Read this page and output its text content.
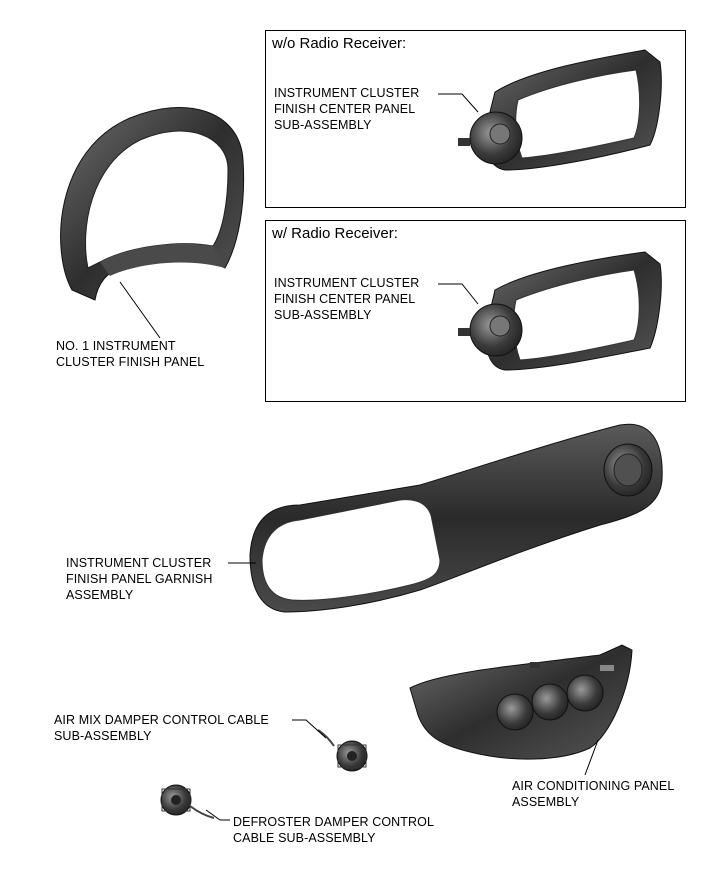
w/o Radio Receiver:
INSTRUMENT CLUSTER
FINISH CENTER PANEL
SUB-ASSEMBLY
w/ Radio Receiver:
INSTRUMENT CLUSTER
FINISH CENTER PANEL
SUB-ASSEMBLY
NO. 1 INSTRUMENT
CLUSTER FINISH PANEL
INSTRUMENT CLUSTER
FINISH PANEL GARNISH
ASSEMBLY
AIR MIX DAMPER CONTROL CABLE
SUB-ASSEMBLY
AIR CONDITIONING PANEL
ASSEMBLY
DEFROSTER DAMPER CONTROL
CABLE SUB-ASSEMBLY
